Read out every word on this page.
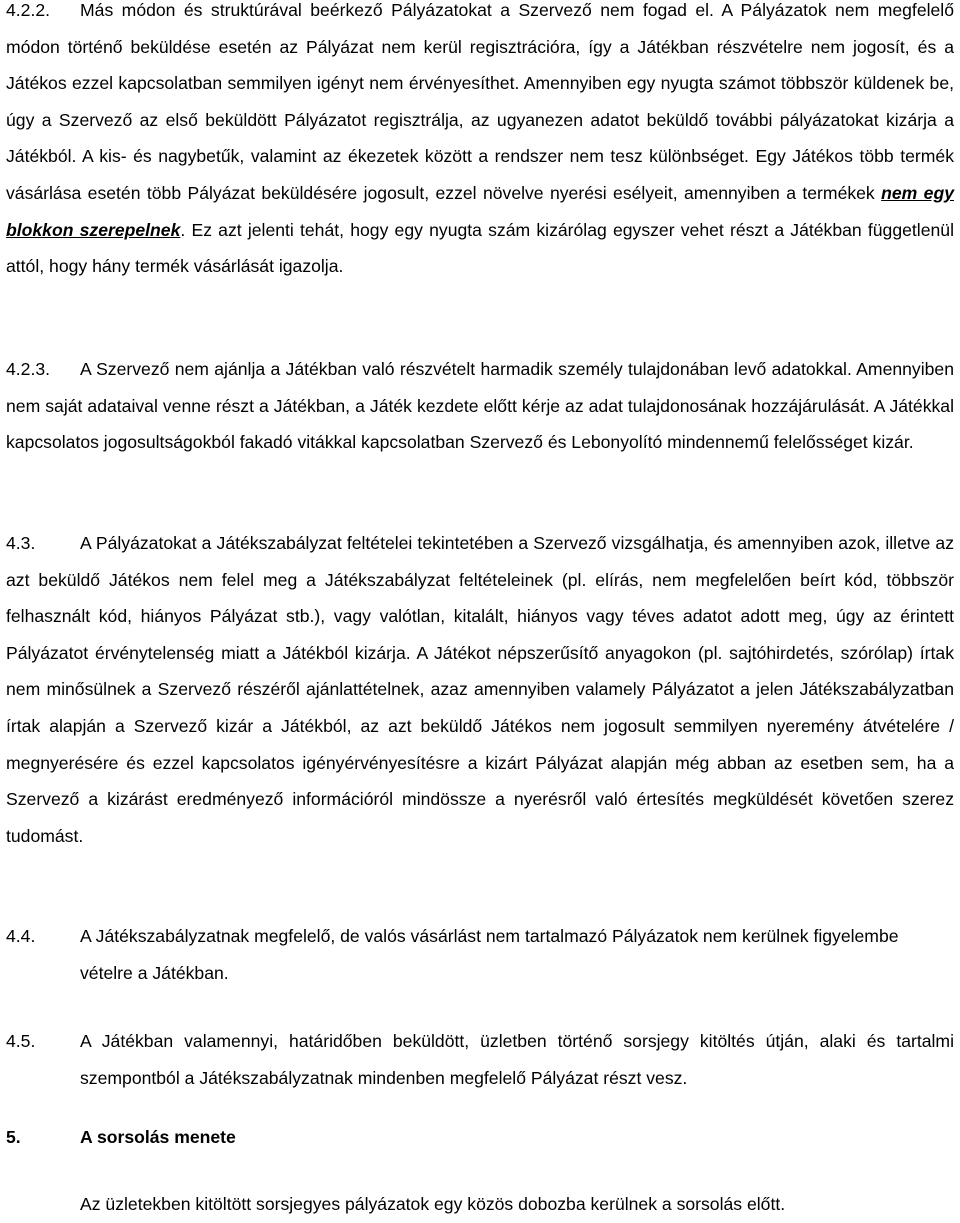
4.2.2. Más módon és struktúrával beérkező Pályázatokat a Szervező nem fogad el. A Pályázatok nem megfelelő módon történő beküldése esetén az Pályázat nem kerül regisztrációra, így a Játékban részvételre nem jogosít, és a Játékos ezzel kapcsolatban semmilyen igényt nem érvényesíthet. Amennyiben egy nyugta számot többször küldenek be, úgy a Szervező az első beküldött Pályázatot regisztrálja, az ugyanezen adatot beküldő további pályázatokat kizárja a Játékból. A kis- és nagybetűk, valamint az ékezetek között a rendszer nem tesz különbséget. Egy Játékos több termék vásárlása esetén több Pályázat beküldésére jogosult, ezzel növelve nyerési esélyeit, amennyiben a termékek nem egy blokkon szerepelnek. Ez azt jelenti tehát, hogy egy nyugta szám kizárólag egyszer vehet részt a Játékban függetlenül attól, hogy hány termék vásárlását igazolja.

4.2.3. A Szervező nem ajánlja a Játékban való részvételt harmadik személy tulajdonában levő adatokkal. Amennyiben nem saját adataival venne részt a Játékban, a Játék kezdete előtt kérje az adat tulajdonosának hozzájárulását. A Játékkal kapcsolatos jogosultságokból fakadó vitákkal kapcsolatban Szervező és Lebonyolító mindennemű felelősséget kizár.

4.3.	A Pályázatokat a Játékszabályzat feltételei tekintetében a Szervező vizsgálhatja, és amennyiben azok, illetve az azt beküldő Játékos nem felel meg a Játékszabályzat feltételeinek (pl. elírás, nem megfelelően beírt kód, többször felhasznált kód, hiányos Pályázat stb.), vagy valótlan, kitalált, hiányos vagy téves adatot adott meg, úgy az érintett Pályázatot érvénytelenség miatt a Játékból kizárja. A Játékot népszerűsítő anyagokon (pl. sajtóhirdetés, szórólap) írtak nem minősülnek a Szervező részéről ajánlattételnek, azaz amennyiben valamely Pályázatot a jelen Játékszabályzatban írtak alapján a Szervező kizár a Játékból, az azt beküldő Játékos nem jogosult semmilyen nyeremény átvételére / megnyerésére és ezzel kapcsolatos igényérvényesítésre a kizárt Pályázat alapján még abban az esetben sem, ha a Szervező a kizárást eredményező információról mindössze a nyerésről való értesítés megküldését követően szerez tudomást.

4.4.	A Játékszabályzatnak megfelelő, de valós vásárlást nem tartalmazó Pályázatok nem kerülnek figyelembe vételre a Játékban.

4.5.	A Játékban valamennyi, határidőben beküldött, üzletben történő sorsjegy kitöltés útján, alaki és tartalmi szempontból a Játékszabályzatnak mindenben megfelelő Pályázat részt vesz.

5.	A sorsolás menete

Az üzletekben kitöltött sorsjegyes pályázatok egy közös dobozba kerülnek a sorsolás előtt.
